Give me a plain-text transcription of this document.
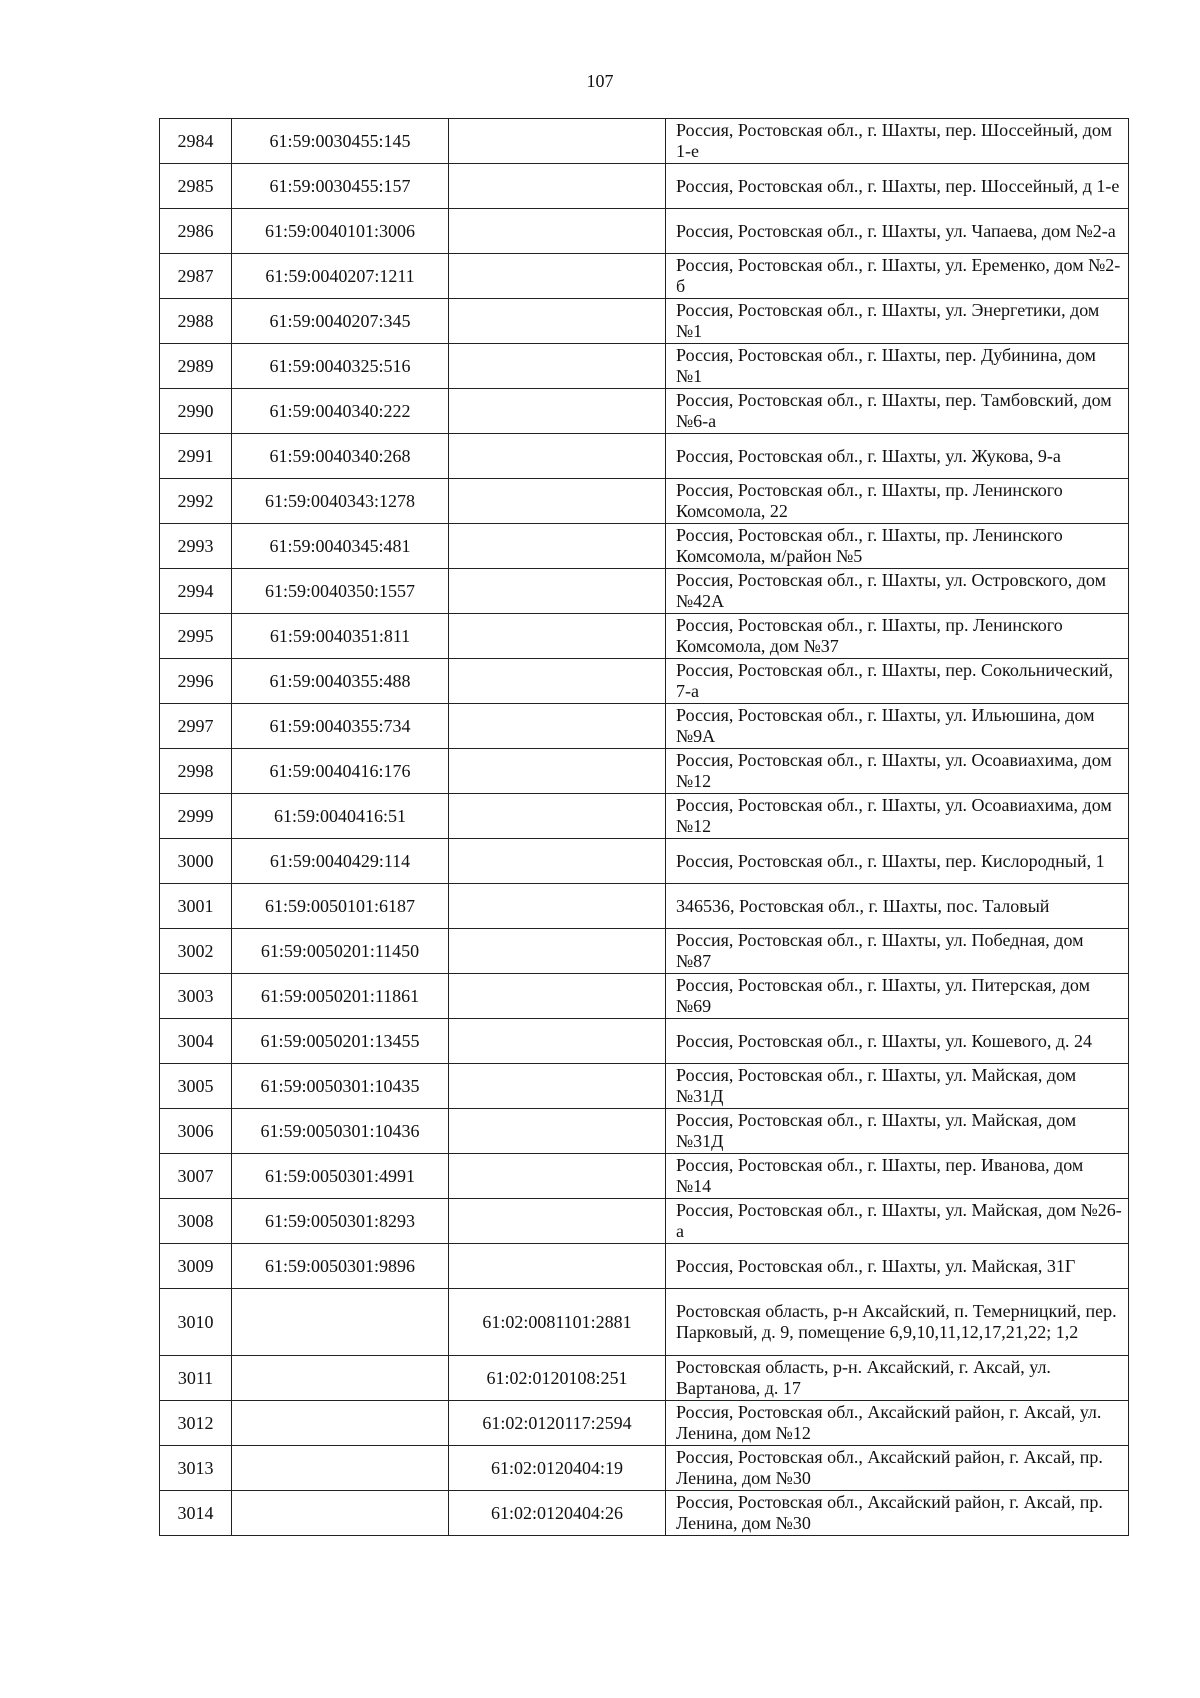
107
2984	61:59:0030455:145		Россия, Ростовская обл., г. Шахты, пер. Шоссейный, дом 1-е
2985	61:59:0030455:157		Россия, Ростовская обл., г. Шахты, пер. Шоссейный, д 1-е
2986	61:59:0040101:3006		Россия, Ростовская обл., г. Шахты, ул. Чапаева, дом №2-а
2987	61:59:0040207:1211		Россия, Ростовская обл., г. Шахты, ул. Еременко, дом №2-б
2988	61:59:0040207:345		Россия, Ростовская обл., г. Шахты, ул. Энергетики, дом №1
2989	61:59:0040325:516		Россия, Ростовская обл., г. Шахты, пер. Дубинина, дом №1
2990	61:59:0040340:222		Россия, Ростовская обл., г. Шахты, пер. Тамбовский, дом №6-а
2991	61:59:0040340:268		Россия, Ростовская обл., г. Шахты, ул. Жукова, 9-а
2992	61:59:0040343:1278		Россия, Ростовская обл., г. Шахты, пр. Ленинского Комсомола, 22
2993	61:59:0040345:481		Россия, Ростовская обл., г. Шахты, пр. Ленинского Комсомола, м/район №5
2994	61:59:0040350:1557		Россия, Ростовская обл., г. Шахты, ул. Островского, дом №42А
2995	61:59:0040351:811		Россия, Ростовская обл., г. Шахты, пр. Ленинского Комсомола, дом №37
2996	61:59:0040355:488		Россия, Ростовская обл., г. Шахты, пер. Сокольнический, 7-а
2997	61:59:0040355:734		Россия, Ростовская обл., г. Шахты, ул. Ильюшина, дом №9А
2998	61:59:0040416:176		Россия, Ростовская обл., г. Шахты, ул. Осоавиахима, дом №12
2999	61:59:0040416:51		Россия, Ростовская обл., г. Шахты, ул. Осоавиахима, дом №12
3000	61:59:0040429:114		Россия, Ростовская обл., г. Шахты, пер. Кислородный, 1
3001	61:59:0050101:6187		346536, Ростовская обл., г. Шахты, пос. Таловый
3002	61:59:0050201:11450		Россия, Ростовская обл., г. Шахты, ул. Победная, дом №87
3003	61:59:0050201:11861		Россия, Ростовская обл., г. Шахты, ул. Питерская, дом №69
3004	61:59:0050201:13455		Россия, Ростовская обл., г. Шахты, ул. Кошевого, д. 24
3005	61:59:0050301:10435		Россия, Ростовская обл., г. Шахты, ул. Майская, дом №31Д
3006	61:59:0050301:10436		Россия, Ростовская обл., г. Шахты, ул. Майская, дом №31Д
3007	61:59:0050301:4991		Россия, Ростовская обл., г. Шахты, пер. Иванова, дом №14
3008	61:59:0050301:8293		Россия, Ростовская обл., г. Шахты, ул. Майская, дом №26-а
3009	61:59:0050301:9896		Россия, Ростовская обл., г. Шахты, ул. Майская, 31Г
3010		61:02:0081101:2881	Ростовская область, р-н Аксайский, п. Темерницкий, пер. Парковый, д. 9, помещение 6,9,10,11,12,17,21,22; 1,2
3011		61:02:0120108:251	Ростовская область, р-н. Аксайский, г. Аксай, ул. Вартанова, д. 17
3012		61:02:0120117:2594	Россия, Ростовская обл., Аксайский район, г. Аксай, ул. Ленина, дом №12
3013		61:02:0120404:19	Россия, Ростовская обл., Аксайский район, г. Аксай, пр. Ленина, дом №30
3014		61:02:0120404:26	Россия, Ростовская обл., Аксайский район, г. Аксай, пр. Ленина, дом №30
